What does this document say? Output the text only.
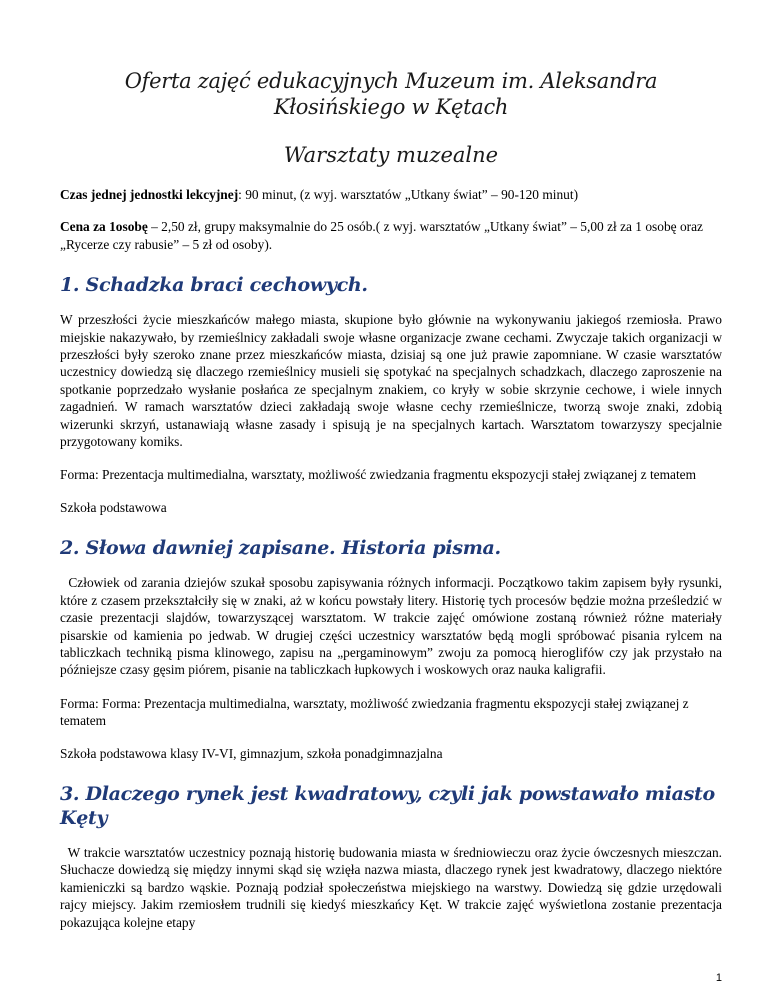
Oferta zajęć edukacyjnych Muzeum im. Aleksandra Kłosińskiego w Kętach

Warsztaty muzealne

Czas jednej jednostki lekcyjnej: 90 minut, (z wyj. warsztatów „Utkany świat” – 90-120 minut)

Cena za 1osobę – 2,50 zł, grupy maksymalnie do 25 osób.( z wyj. warsztatów „Utkany świat” – 5,00 zł za 1 osobę oraz „Rycerze czy rabusie” – 5 zł od osoby).

1. Schadzka braci cechowych.

W przeszłości życie mieszkańców małego miasta, skupione było głównie na wykonywaniu jakiegoś rzemiosła. Prawo miejskie nakazywało, by rzemieślnicy zakładali swoje własne organizacje zwane cechami. Zwyczaje takich organizacji w przeszłości były szeroko znane przez mieszkańców miasta, dzisiaj są one już prawie zapomniane. W czasie warsztatów uczestnicy dowiedzą się dlaczego rzemieślnicy musieli się spotykać na specjalnych schadzkach, dlaczego zaproszenie na spotkanie poprzedzało wysłanie posłańca ze specjalnym znakiem, co kryły w sobie skrzynie cechowe, i wiele innych zagadnień. W ramach warsztatów dzieci zakładają swoje własne cechy rzemieślnicze, tworzą swoje znaki, zdobią wizerunki skrzyń, ustanawiają własne zasady i spisują je na specjalnych kartach. Warsztatom towarzyszy specjalnie przygotowany komiks.

Forma: Prezentacja multimedialna, warsztaty, możliwość zwiedzania fragmentu ekspozycji stałej związanej z tematem

Szkoła podstawowa

2. Słowa dawniej zapisane. Historia pisma.

Człowiek od zarania dziejów szukał sposobu zapisywania różnych informacji. Początkowo takim zapisem były rysunki, które z czasem przekształciły się w znaki, aż w końcu powstały litery. Historię tych procesów będzie można prześledzić w czasie prezentacji slajdów, towarzyszącej warsztatom. W trakcie zajęć omówione zostaną również różne materiały pisarskie od kamienia po jedwab. W drugiej części uczestnicy warsztatów będą mogli spróbować pisania rylcem na tabliczkach techniką pisma klinowego, zapisu na „pergaminowym” zwoju za pomocą hieroglifów czy jak przystało na późniejsze czasy gęsim piórem, pisanie na tabliczkach łupkowych i woskowych oraz nauka kaligrafii.

Forma: Forma: Prezentacja multimedialna, warsztaty, możliwość zwiedzania fragmentu ekspozycji stałej związanej z tematem

Szkoła podstawowa klasy IV-VI, gimnazjum, szkoła ponadgimnazjalna

3. Dlaczego rynek jest kwadratowy, czyli jak powstawało miasto Kęty

W trakcie warsztatów uczestnicy poznają historię budowania miasta w średniowieczu oraz życie ówczesnych mieszczan. Słuchacze dowiedzą się między innymi skąd się wzięła nazwa miasta, dlaczego rynek jest kwadratowy, dlaczego niektóre kamieniczki są bardzo wąskie. Poznają podział społeczeństwa miejskiego na warstwy. Dowiedzą się gdzie urzędowali rajcy miejscy. Jakim rzemiosłem trudnili się kiedyś mieszkańcy Kęt. W trakcie zajęć wyświetlona zostanie prezentacja pokazująca kolejne etapy

1
